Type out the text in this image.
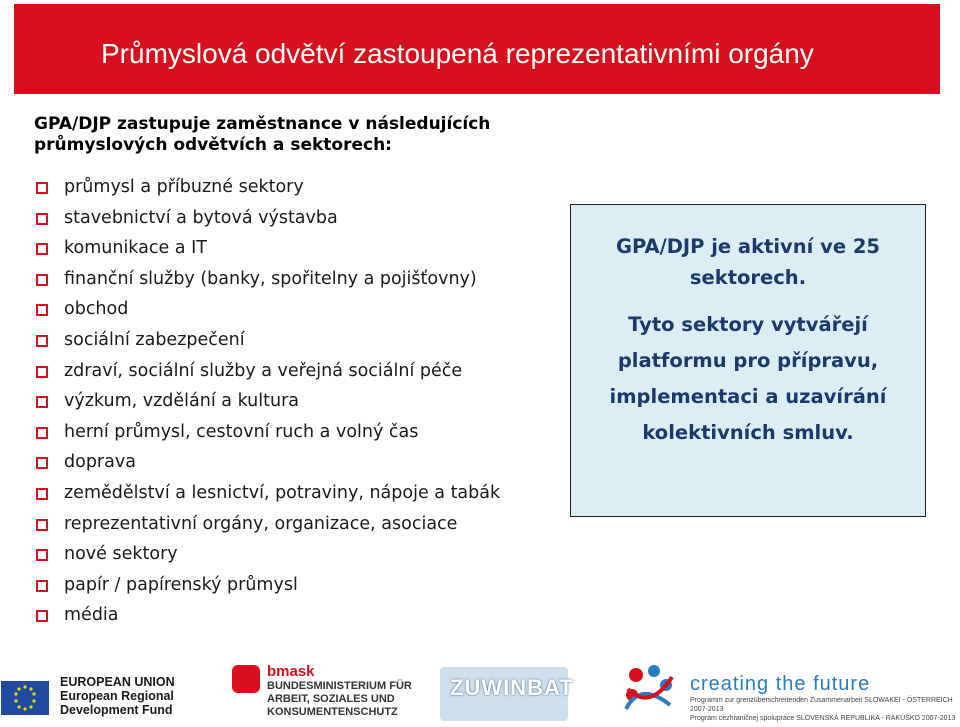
Průmyslová odvětví zastoupená reprezentativními orgány
GPA/DJP zastupuje zaměstnance v následujících průmyslových odvětvích a sektorech:
průmysl a příbuzné sektory
stavebnictví a bytová výstavba
komunikace a IT
finanční služby (banky, spořitelny a pojišťovny)
obchod
sociální zabezpečení
zdraví, sociální služby a veřejná sociální péče
výzkum, vzdělání a kultura
herní průmysl, cestovní ruch a volný čas
doprava
zemědělství a lesnictví, potraviny, nápoje a tabák
reprezentativní orgány, organizace, asociace
nové sektory
papír / papírenský průmysl
média

GPA/DJP je aktivní ve 25 sektorech.

Tyto sektory vytvářejí platformu pro přípravu, implementaci a uzavírání kolektivních smluv.

EUROPEAN UNION
European Regional
Development Fund
bmask
BUNDESMINISTERIUM FÜR
ARBEIT, SOZIALES UND
KONSUMENTENSCHUTZ
ZUWINBAT	creating the future
Programm zur grenzüberschreitenden Zusammenarbeit SLOWAKEI - ÖSTERREICH 2007-2013
Program cezhraničnej spolupráce SLOVENSKÁ REPUBLIKA - RAKÚSKO 2007-2013
